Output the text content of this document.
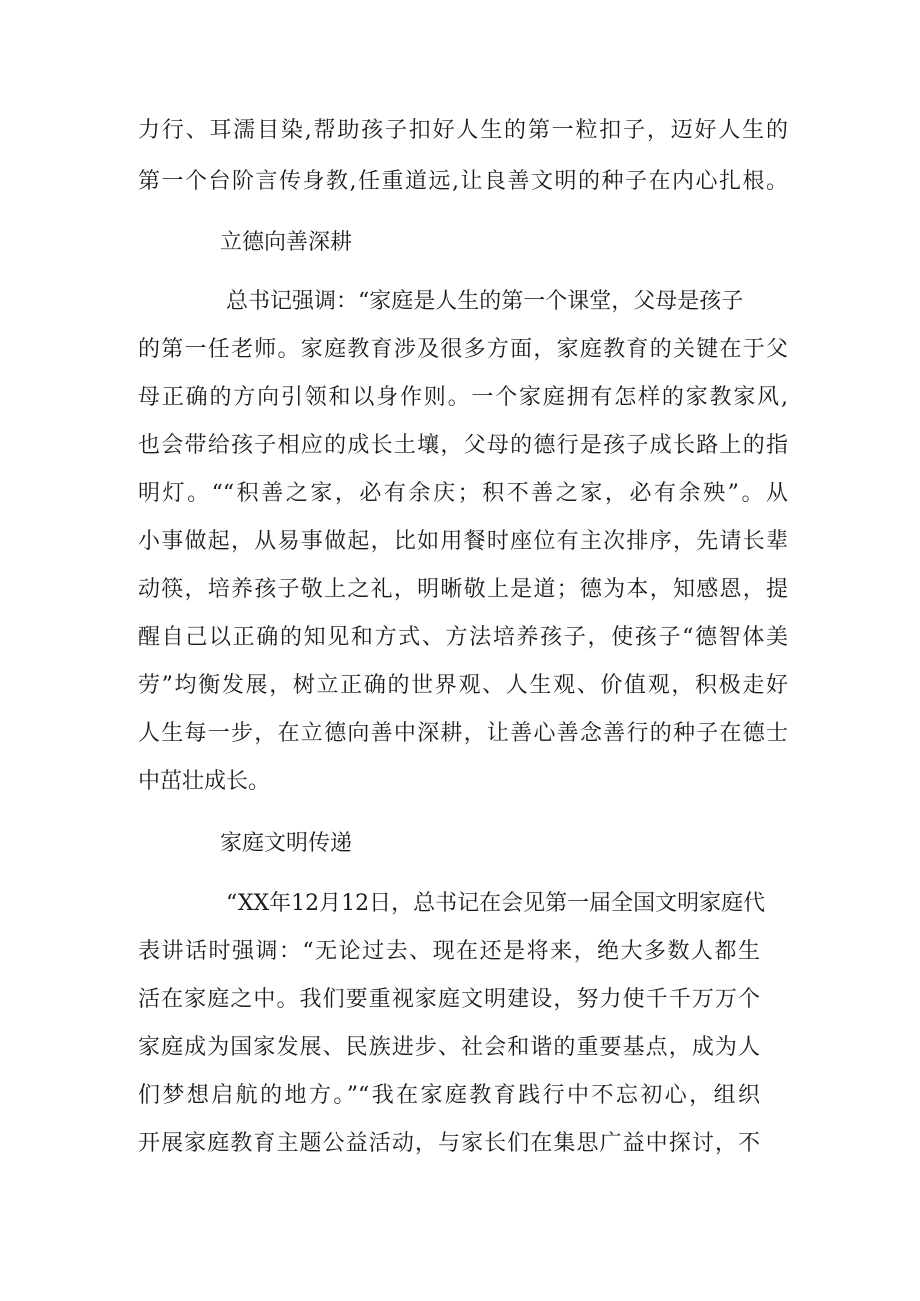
力行、耳濡目染,帮助孩子扣好人生的第一粒扣子，迈好人生的
第一个台阶言传身教,任重道远,让良善文明的种子在内心扎根。
立德向善深耕
总书记强调：“家庭是人生的第一个课堂，父母是孩子
的第一任老师。家庭教育涉及很多方面，家庭教育的关键在于父
母正确的方向引领和以身作则。一个家庭拥有怎样的家教家风,
也会带给孩子相应的成长土壤，父母的德行是孩子成长路上的指
明灯。““积善之家，必有余庆；积不善之家，必有余殃”。从
小事做起，从易事做起，比如用餐时座位有主次排序，先请长辈
动筷，培养孩子敬上之礼，明晰敬上是道；德为本，知感恩，提
醒自己以正确的知见和方式、方法培养孩子，使孩子“德智体美
劳”均衡发展，树立正确的世界观、人生观、价值观，积极走好
人生每一步，在立德向善中深耕，让善心善念善行的种子在德士
中茁壮成长。
家庭文明传递
“XX年12月12日，总书记在会见第一届全国文明家庭代
表讲话时强调：“无论过去、现在还是将来，绝大多数人都生
活在家庭之中。我们要重视家庭文明建设，努力使千千万万个
家庭成为国家发展、民族进步、社会和谐的重要基点，成为人
们梦想启航的地方。”“我在家庭教育践行中不忘初心，组织
开展家庭教育主题公益活动，与家长们在集思广益中探讨，不
